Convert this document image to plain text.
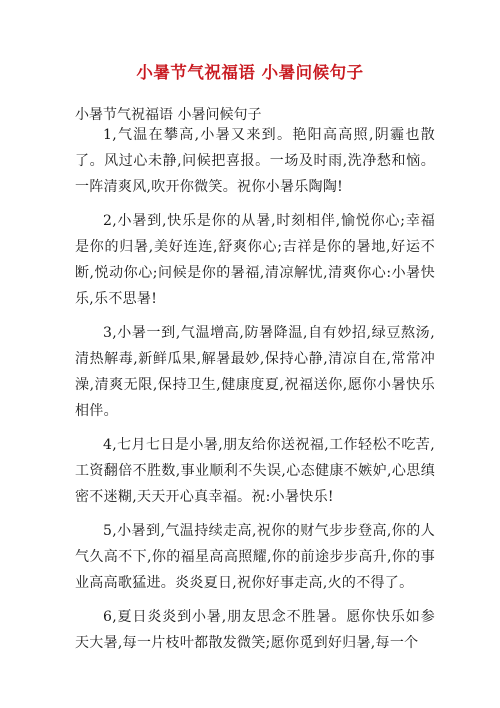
小暑节气祝福语 小暑问候句子

小暑节气祝福语 小暑问候句子

1,气温在攀高,小暑又来到。艳阳高高照,阴霾也散了。风过心未静,问候把喜报。一场及时雨,洗净愁和恼。一阵清爽风,吹开你微笑。祝你小暑乐陶陶!

2,小暑到,快乐是你的从暑,时刻相伴,愉悦你心;幸福是你的归暑,美好连连,舒爽你心;吉祥是你的暑地,好运不断,悦动你心;问候是你的暑福,清凉解忧,清爽你心:小暑快乐,乐不思暑!

3,小暑一到,气温增高,防暑降温,自有妙招,绿豆熬汤,清热解毒,新鲜瓜果,解暑最妙,保持心静,清凉自在,常常冲澡,清爽无限,保持卫生,健康度夏,祝福送你,愿你小暑快乐相伴。

4,七月七日是小暑,朋友给你送祝福,工作轻松不吃苦,工资翻倍不胜数,事业顺利不失误,心态健康不嫉妒,心思缜密不迷糊,天天开心真幸福。祝:小暑快乐!

5,小暑到,气温持续走高,祝你的财气步步登高,你的人气久高不下,你的福星高高照耀,你的前途步步高升,你的事业高高歌猛进。炎炎夏日,祝你好事走高,火的不得了。

6,夏日炎炎到小暑,朋友思念不胜暑。愿你快乐如参天大暑,每一片枝叶都散发微笑;愿你觅到好归暑,每一个
